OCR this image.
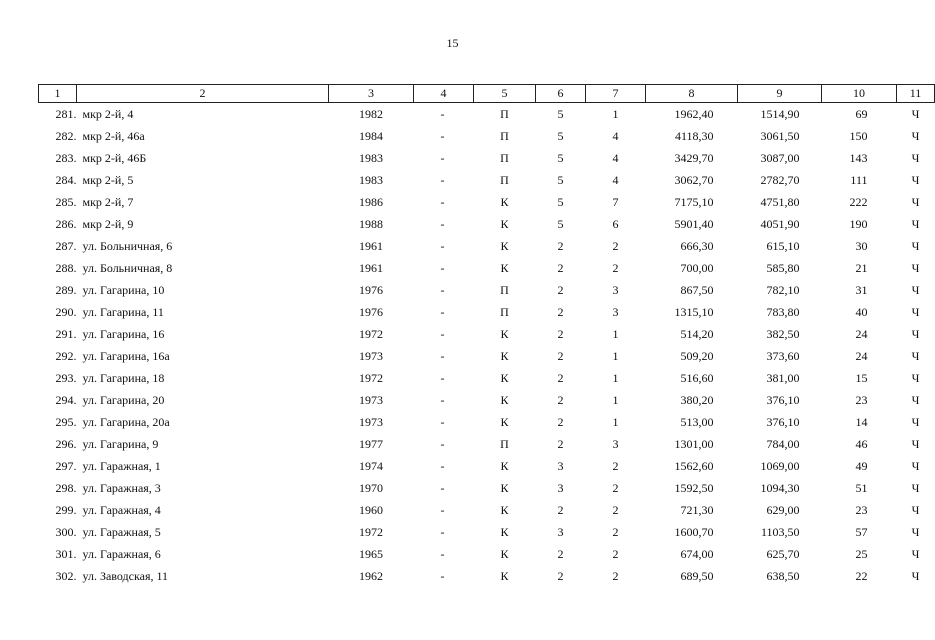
15
1	2	3	4	5	6	7	8	9	10	11
281.	мкр 2-й, 4	1982	-	П	5	1	1962,40	1514,90	69	Ч
282.	мкр 2-й, 46а	1984	-	П	5	4	4118,30	3061,50	150	Ч
283.	мкр 2-й, 46Б	1983	-	П	5	4	3429,70	3087,00	143	Ч
284.	мкр 2-й, 5	1983	-	П	5	4	3062,70	2782,70	111	Ч
285.	мкр 2-й, 7	1986	-	К	5	7	7175,10	4751,80	222	Ч
286.	мкр 2-й, 9	1988	-	К	5	6	5901,40	4051,90	190	Ч
287.	ул. Больничная, 6	1961	-	К	2	2	666,30	615,10	30	Ч
288.	ул. Больничная, 8	1961	-	К	2	2	700,00	585,80	21	Ч
289.	ул. Гагарина, 10	1976	-	П	2	3	867,50	782,10	31	Ч
290.	ул. Гагарина, 11	1976	-	П	2	3	1315,10	783,80	40	Ч
291.	ул. Гагарина, 16	1972	-	К	2	1	514,20	382,50	24	Ч
292.	ул. Гагарина, 16а	1973	-	К	2	1	509,20	373,60	24	Ч
293.	ул. Гагарина, 18	1972	-	К	2	1	516,60	381,00	15	Ч
294.	ул. Гагарина, 20	1973	-	К	2	1	380,20	376,10	23	Ч
295.	ул. Гагарина, 20а	1973	-	К	2	1	513,00	376,10	14	Ч
296.	ул. Гагарина, 9	1977	-	П	2	3	1301,00	784,00	46	Ч
297.	ул. Гаражная, 1	1974	-	К	3	2	1562,60	1069,00	49	Ч
298.	ул. Гаражная, 3	1970	-	К	3	2	1592,50	1094,30	51	Ч
299.	ул. Гаражная, 4	1960	-	К	2	2	721,30	629,00	23	Ч
300.	ул. Гаражная, 5	1972	-	К	3	2	1600,70	1103,50	57	Ч
301.	ул. Гаражная, 6	1965	-	К	2	2	674,00	625,70	25	Ч
302.	ул. Заводская, 11	1962	-	К	2	2	689,50	638,50	22	Ч
